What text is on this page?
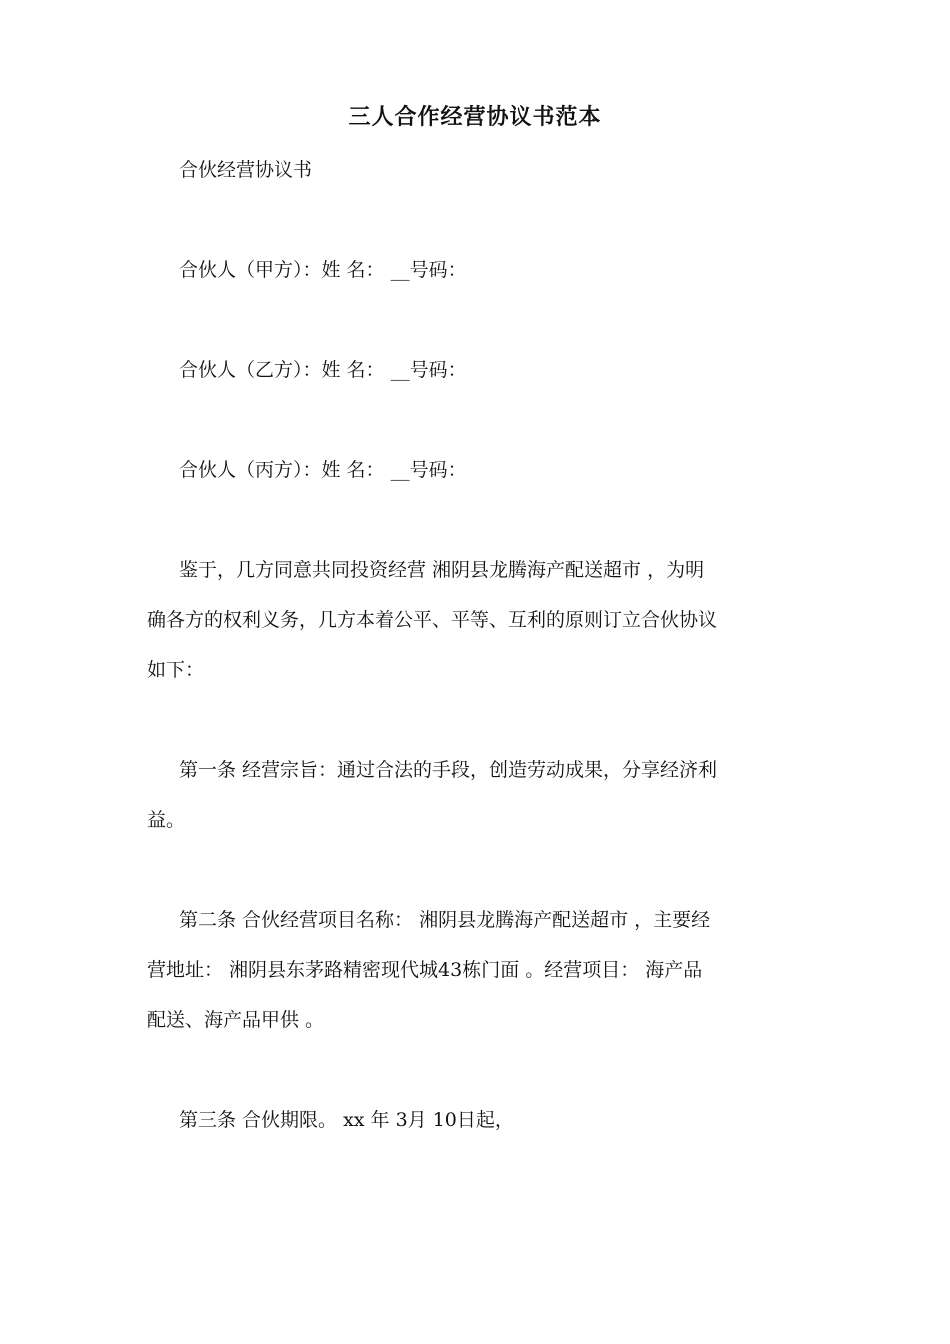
三人合作经营协议书范本
合伙经营协议书
合伙人（甲方）：姓 名： __号码：
合伙人（乙方）：姓 名： __号码：
合伙人（丙方）：姓 名： __号码：
鉴于，几方同意共同投资经营 湘阴县龙腾海产配送超市 ，为明
确各方的权利义务，几方本着公平、平等、互利的原则订立合伙协议
如下：
第一条 经营宗旨：通过合法的手段，创造劳动成果，分享经济利
益。
第二条 合伙经营项目名称： 湘阴县龙腾海产配送超市 ，主要经
营地址： 湘阴县东茅路精密现代城43栋门面 。经营项目： 海产品
配送、海产品甲供 。
第三条 合伙期限。 xx 年 3月 10日起，
